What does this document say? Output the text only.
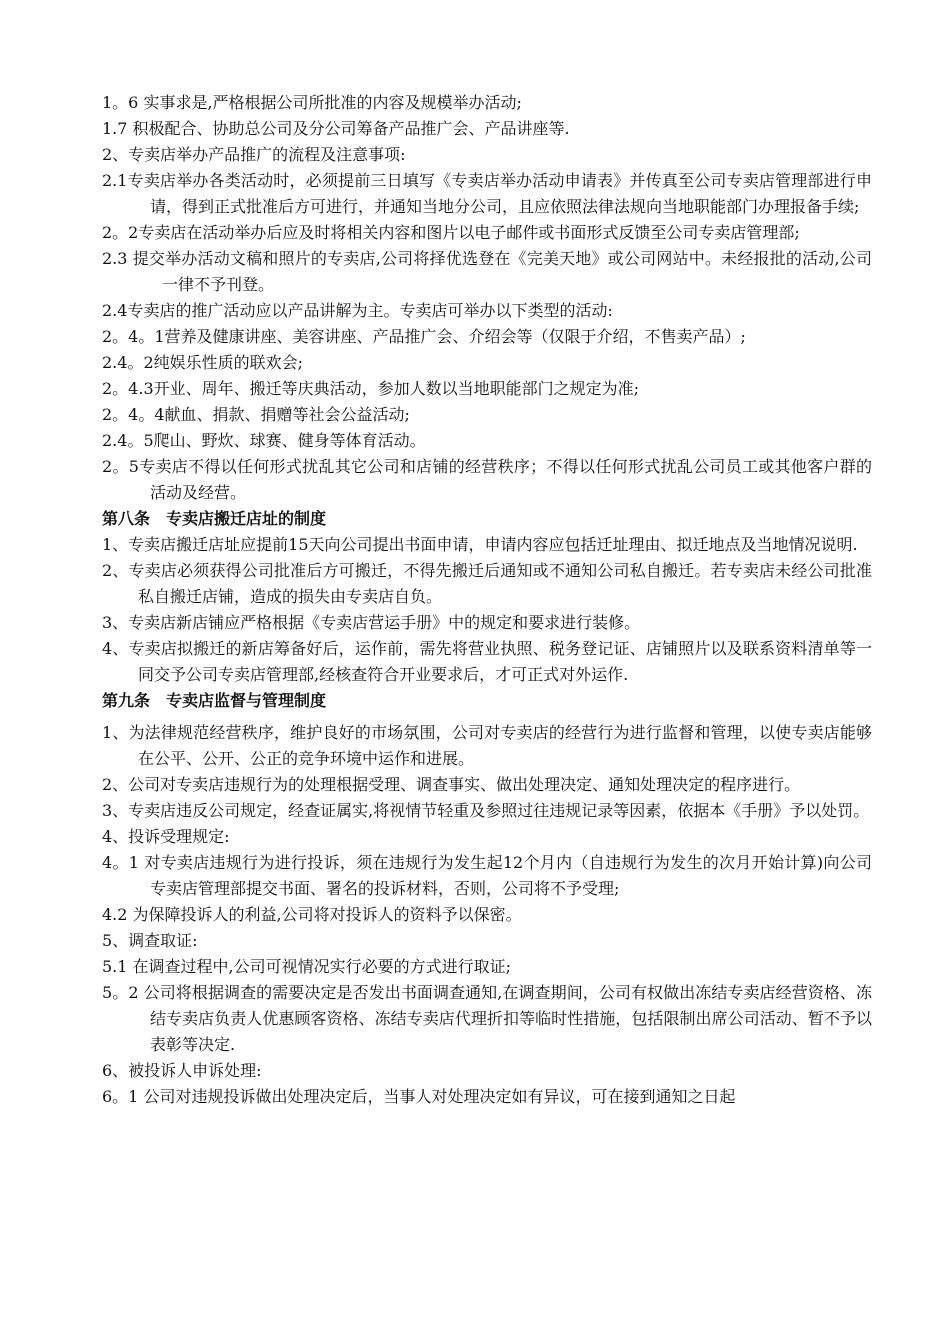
1。6 实事求是,严格根据公司所批准的内容及规模举办活动;

1.7 积极配合、协助总公司及分公司筹备产品推广会、产品讲座等.

2、专卖店举办产品推广的流程及注意事项:

2.1专卖店举办各类活动时，必须提前三日填写《专卖店举办活动申请表》并传真至公司专卖店管理部进行申请，得到正式批准后方可进行，并通知当地分公司，且应依照法律法规向当地职能部门办理报备手续;

2。2专卖店在活动举办后应及时将相关内容和图片以电子邮件或书面形式反馈至公司专卖店管理部;

2.3 提交举办活动文稿和照片的专卖店,公司将择优选登在《完美天地》或公司网站中。未经报批的活动,公司一律不予刊登。

2.4专卖店的推广活动应以产品讲解为主。专卖店可举办以下类型的活动:

2。4。1营养及健康讲座、美容讲座、产品推广会、介绍会等（仅限于介绍，不售卖产品）;

2.4。2纯娱乐性质的联欢会;

2。4.3开业、周年、搬迁等庆典活动，参加人数以当地职能部门之规定为准;

2。4。4献血、捐款、捐赠等社会公益活动;

2.4。5爬山、野炊、球赛、健身等体育活动。

2。5专卖店不得以任何形式扰乱其它公司和店铺的经营秩序；不得以任何形式扰乱公司员工或其他客户群的活动及经营。

第八条　专卖店搬迁店址的制度

1、专卖店搬迁店址应提前15天向公司提出书面申请，申请内容应包括迁址理由、拟迁地点及当地情况说明.

2、专卖店必须获得公司批准后方可搬迁，不得先搬迁后通知或不通知公司私自搬迁。若专卖店未经公司批准私自搬迁店铺，造成的损失由专卖店自负。

3、专卖店新店铺应严格根据《专卖店营运手册》中的规定和要求进行装修。

4、专卖店拟搬迁的新店筹备好后，运作前，需先将营业执照、税务登记证、店铺照片以及联系资料清单等一同交予公司专卖店管理部,经核查符合开业要求后，才可正式对外运作.

第九条　专卖店监督与管理制度

1、为法律规范经营秩序，维护良好的市场氛围，公司对专卖店的经营行为进行监督和管理，以使专卖店能够在公平、公开、公正的竞争环境中运作和进展。

2、公司对专卖店违规行为的处理根据受理、调查事实、做出处理决定、通知处理决定的程序进行。

3、专卖店违反公司规定，经查证属实,将视情节轻重及参照过往违规记录等因素，依据本《手册》予以处罚。

4、投诉受理规定:

4。1 对专卖店违规行为进行投诉，须在违规行为发生起12个月内（自违规行为发生的次月开始计算)向公司专卖店管理部提交书面、署名的投诉材料，否则，公司将不予受理;

4.2 为保障投诉人的利益,公司将对投诉人的资料予以保密。

5、调查取证:

5.1 在调查过程中,公司可视情况实行必要的方式进行取证;

5。2 公司将根据调查的需要决定是否发出书面调查通知,在调查期间，公司有权做出冻结专卖店经营资格、冻结专卖店负责人优惠顾客资格、冻结专卖店代理折扣等临时性措施，包括限制出席公司活动、暂不予以表彰等决定.

6、被投诉人申诉处理:

6。1 公司对违规投诉做出处理决定后，当事人对处理决定如有异议，可在接到通知之日起
